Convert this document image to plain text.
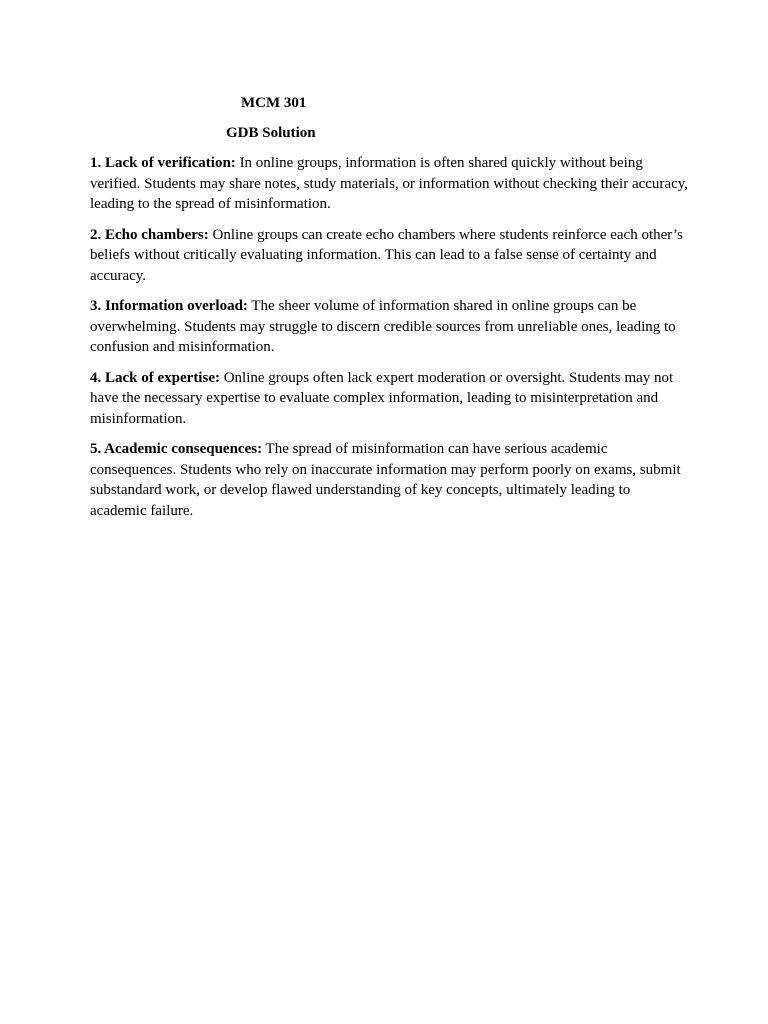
MCM 301
GDB Solution

1. Lack of verification: In online groups, information is often shared quickly without being verified. Students may share notes, study materials, or information without checking their accuracy, leading to the spread of misinformation.

2. Echo chambers: Online groups can create echo chambers where students reinforce each other’s beliefs without critically evaluating information. This can lead to a false sense of certainty and accuracy.

3. Information overload: The sheer volume of information shared in online groups can be overwhelming. Students may struggle to discern credible sources from unreliable ones, leading to confusion and misinformation.

4. Lack of expertise: Online groups often lack expert moderation or oversight. Students may not have the necessary expertise to evaluate complex information, leading to misinterpretation and misinformation.

5. Academic consequences: The spread of misinformation can have serious academic consequences. Students who rely on inaccurate information may perform poorly on exams, submit substandard work, or develop flawed understanding of key concepts, ultimately leading to academic failure.
